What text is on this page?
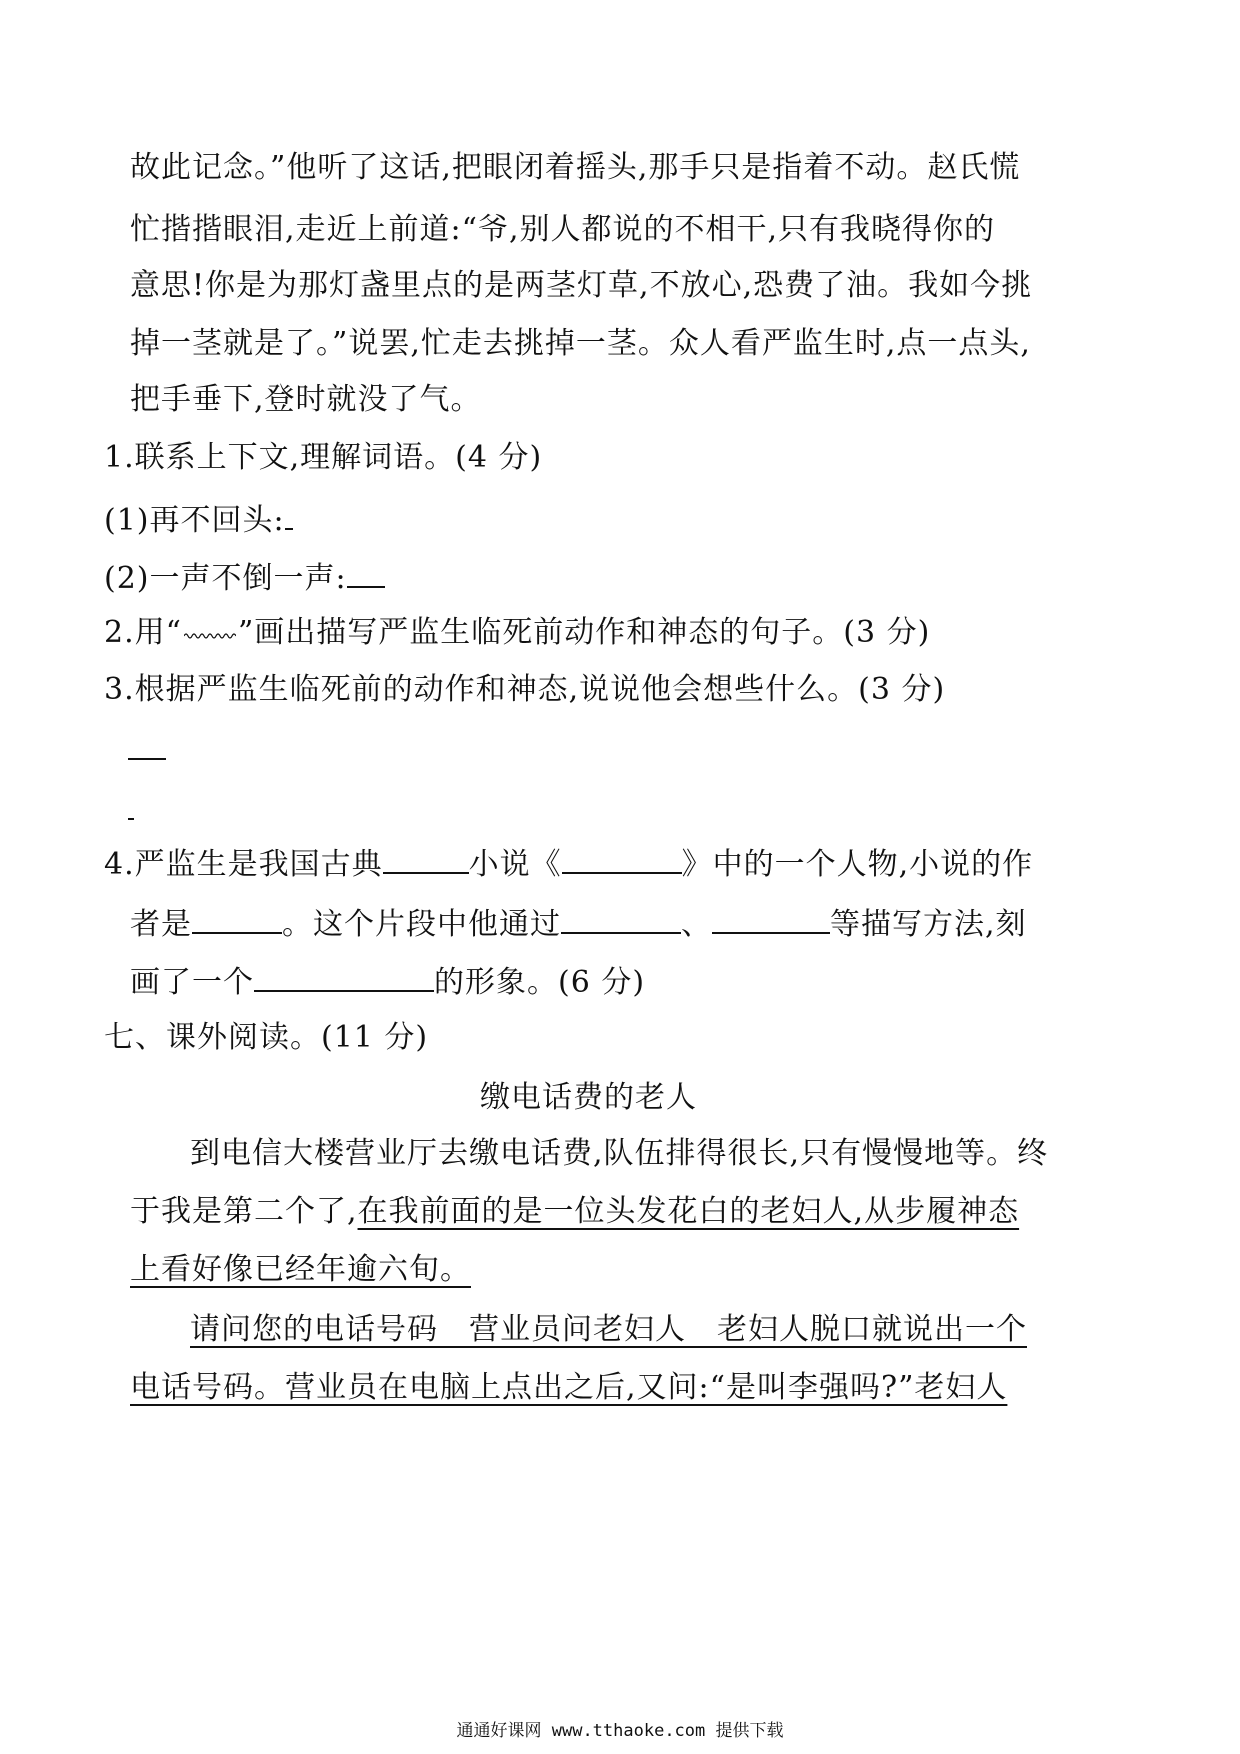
故此记念。”他听了这话,把眼闭着摇头,那手只是指着不动。赵氏慌
忙揩揩眼泪,走近上前道:“爷,别人都说的不相干,只有我晓得你的
意思!你是为那灯盏里点的是两茎灯草,不放心,恐费了油。我如今挑
掉一茎就是了。”说罢,忙走去挑掉一茎。众人看严监生时,点一点头,
把手垂下,登时就没了气。
1.联系上下文,理解词语。(4 分)
(1)再不回头:
(2)一声不倒一声:
2.用“ ”画出描写严监生临死前动作和神态的句子。(3 分)
3.根据严监生临死前的动作和神态,说说他会想些什么。(3 分)
4.严监生是我国古典	小说《	》中的一个人物,小说的作
者是	。这个片段中他通过	、	等描写方法,刻
画了一个	的形象。(6 分)
七、课外阅读。(11 分)
缴电话费的老人
到电信大楼营业厅去缴电话费,队伍排得很长,只有慢慢地等。终
于我是第二个了,在我前面的是一位头发花白的老妇人,从步履神态
上看好像已经年逾六旬。
请问您的电话号码　营业员问老妇人　老妇人脱口就说出一个
电话号码。营业员在电脑上点出之后,又问:“是叫李强吗?”老妇人
通通好课网 www.tthaoke.com 提供下载
